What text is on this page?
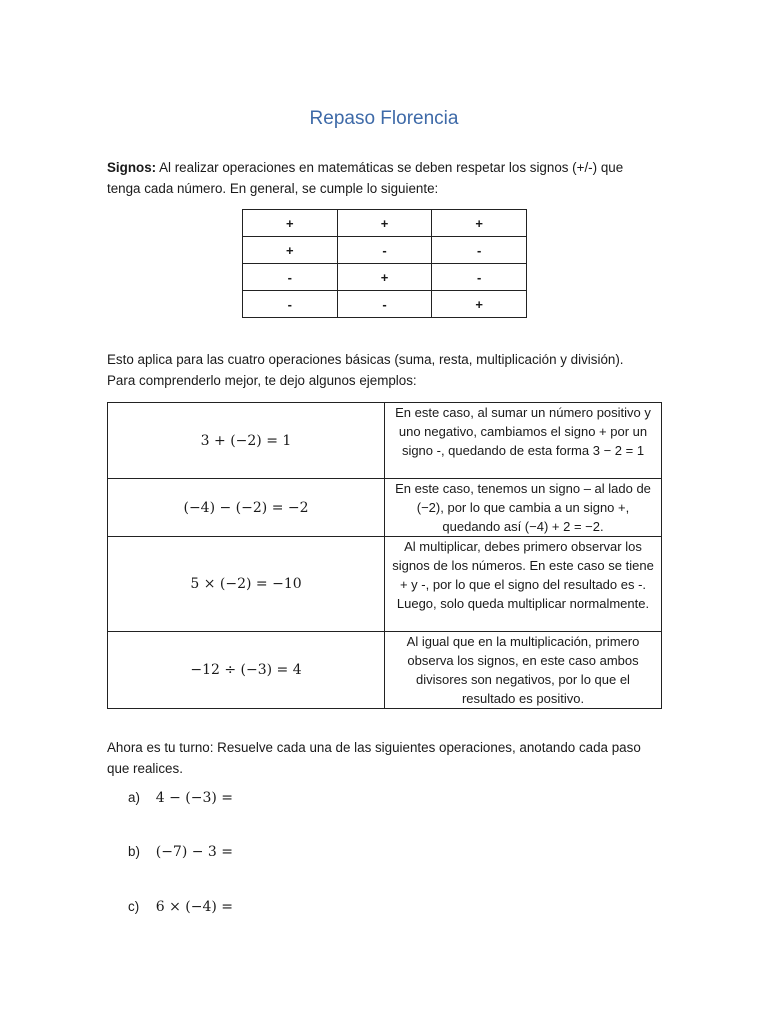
Repaso Florencia
Signos: Al realizar operaciones en matemáticas se deben respetar los signos (+/-) que
tenga cada número. En general, se cumple lo siguiente:
+	+	+
+	-	-
-	+	-
-	-	+
Esto aplica para las cuatro operaciones básicas (suma, resta, multiplicación y división).
Para comprenderlo mejor, te dejo algunos ejemplos:
3 + (−2) = 1	En este caso, al sumar un número positivo y uno negativo, cambiamos el signo + por un signo -, quedando de esta forma 3 − 2 = 1
(−4) − (−2) = −2	En este caso, tenemos un signo – al lado de (−2), por lo que cambia a un signo +, quedando así (−4) + 2 = −2.
5 × (−2) = −10	Al multiplicar, debes primero observar los signos de los números. En este caso se tiene + y -, por lo que el signo del resultado es -. Luego, solo queda multiplicar normalmente.
−12 ÷ (−3) = 4	Al igual que en la multiplicación, primero observa los signos, en este caso ambos divisores son negativos, por lo que el resultado es positivo.
Ahora es tu turno: Resuelve cada una de las siguientes operaciones, anotando cada paso
que realices.
a) 4 − (−3) =
b) (−7) − 3 =
c) 6 × (−4) =
